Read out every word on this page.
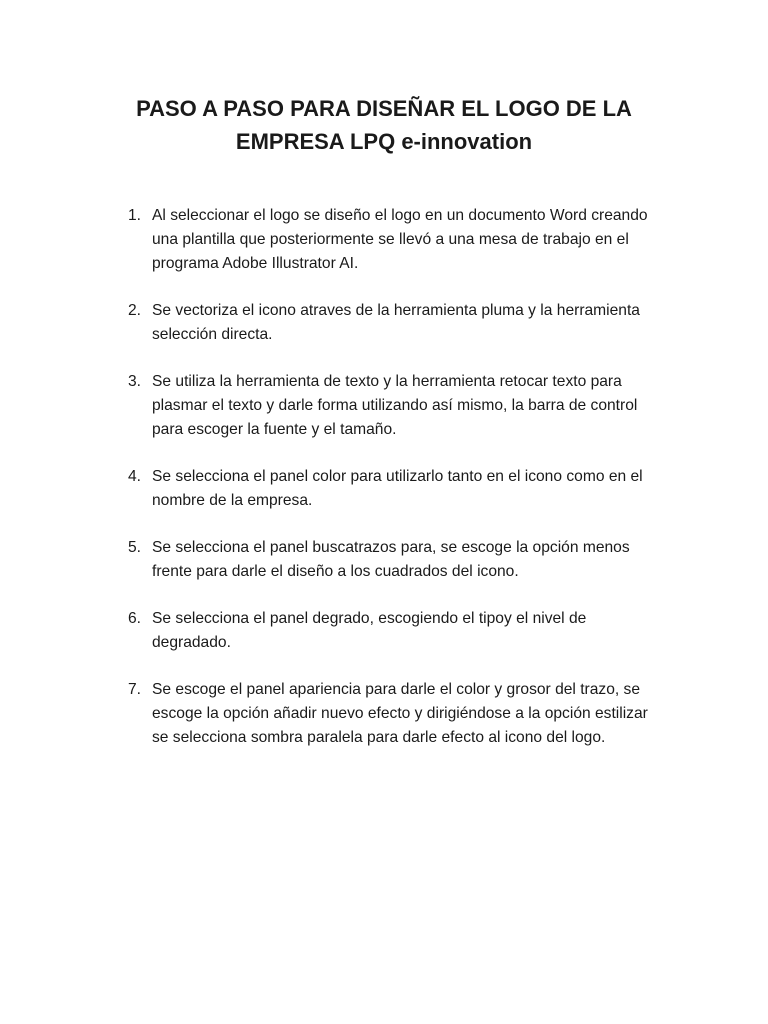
PASO A PASO PARA DISEÑAR EL LOGO DE LA
EMPRESA LPQ e-innovation
1. Al seleccionar el logo se diseño el logo en un documento Word creando
una plantilla que posteriormente se llevó a una mesa de trabajo en el
programa Adobe Illustrator AI.
2. Se vectoriza el icono atraves de la herramienta pluma y la herramienta
selección directa.
3. Se utiliza la herramienta de texto y la herramienta retocar texto para
plasmar el texto y darle forma utilizando así mismo, la barra de control
para escoger la fuente y el tamaño.
4. Se selecciona el panel color para utilizarlo tanto en el icono como en el
nombre de la empresa.
5. Se selecciona el panel buscatrazos para, se escoge la opción menos
frente para darle el diseño a los cuadrados del icono.
6. Se selecciona el panel degrado, escogiendo el tipoy el nivel de
degradado.
7. Se escoge el panel apariencia para darle el color y grosor del trazo, se
escoge la opción añadir nuevo efecto y dirigiéndose a la opción estilizar
se selecciona sombra paralela para darle efecto al icono del logo.
